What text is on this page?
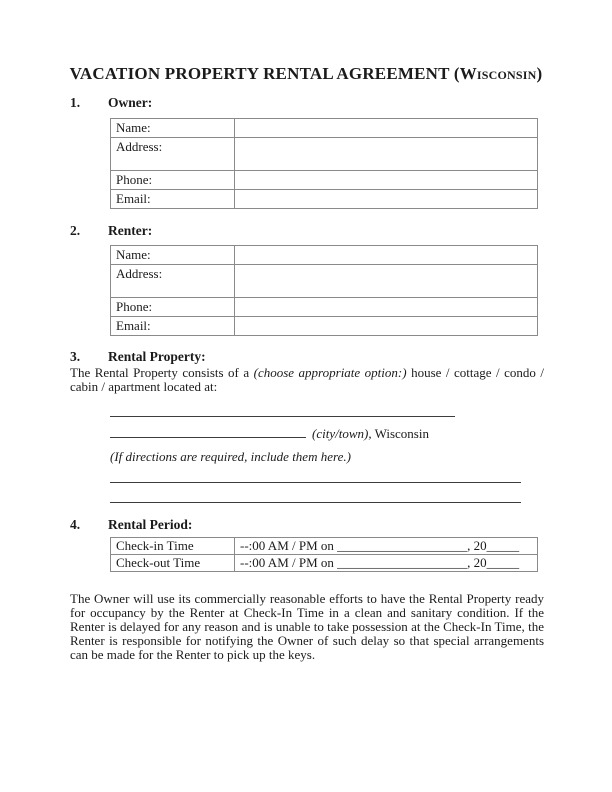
VACATION PROPERTY RENTAL AGREEMENT (Wisconsin)
1. Owner:
Name:	
Address:	
Phone:	
Email:	
2. Renter:
Name:	
Address:	
Phone:	
Email:	
3. Rental Property:

The Rental Property consists of a (choose appropriate option:) house / cottage / condo / cabin / apartment located at:

(city/town), Wisconsin
(If directions are required, include them here.)
4. Rental Period:
Check-in Time	--:00 AM / PM on ____________________, 20_____
Check-out Time	--:00 AM / PM on ____________________, 20_____

The Owner will use its commercially reasonable efforts to have the Rental Property ready for occupancy by the Renter at Check-In Time in a clean and sanitary condition. If the Renter is delayed for any reason and is unable to take possession at the Check-In Time, the Renter is responsible for notifying the Owner of such delay so that special arrangements can be made for the Renter to pick up the keys.
